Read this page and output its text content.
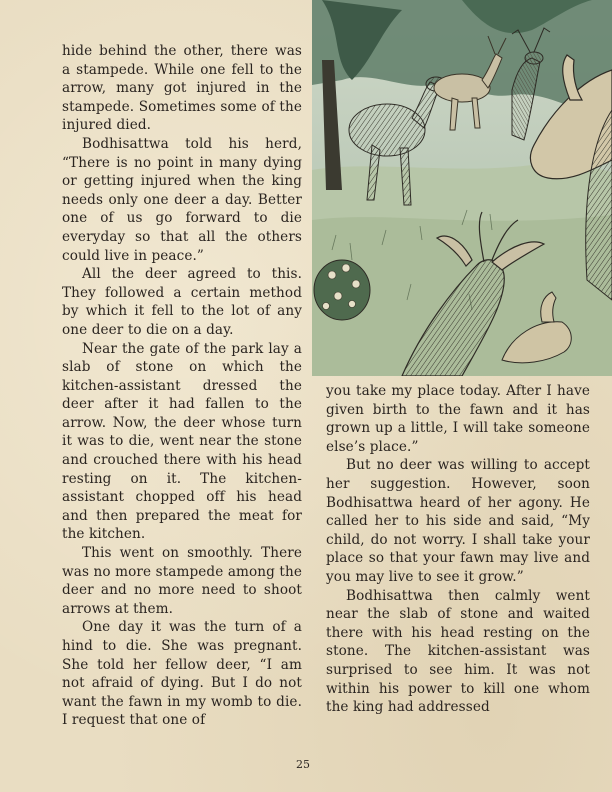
hide behind the other, there was a stampede. While one fell to the arrow, many got injured in the stampede. Sometimes some of the injured died.

Bodhisattwa told his herd, “There is no point in many dying or getting injured when the king needs only one deer a day. Better one of us go forward to die everyday so that all the others could live in peace.”

All the deer agreed to this. They followed a certain method by which it fell to the lot of any one deer to die on a day.

Near the gate of the park lay a slab of stone on which the kitchen-assistant dressed the deer after it had fallen to the arrow. Now, the deer whose turn it was to die, went near the stone and crouched there with his head resting on it. The kitchen-assistant chopped off his head and then prepared the meat for the kitchen.

This went on smoothly. There was no more stampede among the deer and no more need to shoot arrows at them.

One day it was the turn of a hind to die. She was pregnant. She told her fellow deer, “I am not afraid of dying. But I do not want the fawn in my womb to die. I request that one of

you take my place today. After I have given birth to the fawn and it has grown up a little, I will take someone else’s place.”

But no deer was willing to accept her suggestion. However, soon Bodhisattwa heard of her agony. He called her to his side and said, “My child, do not worry. I shall take your place so that your fawn may live and you may live to see it grow.”

Bodhisattwa then calmly went near the slab of stone and waited there with his head resting on the stone. The kitchen-assistant was surprised to see him. It was not within his power to kill one whom the king had addressed

25
